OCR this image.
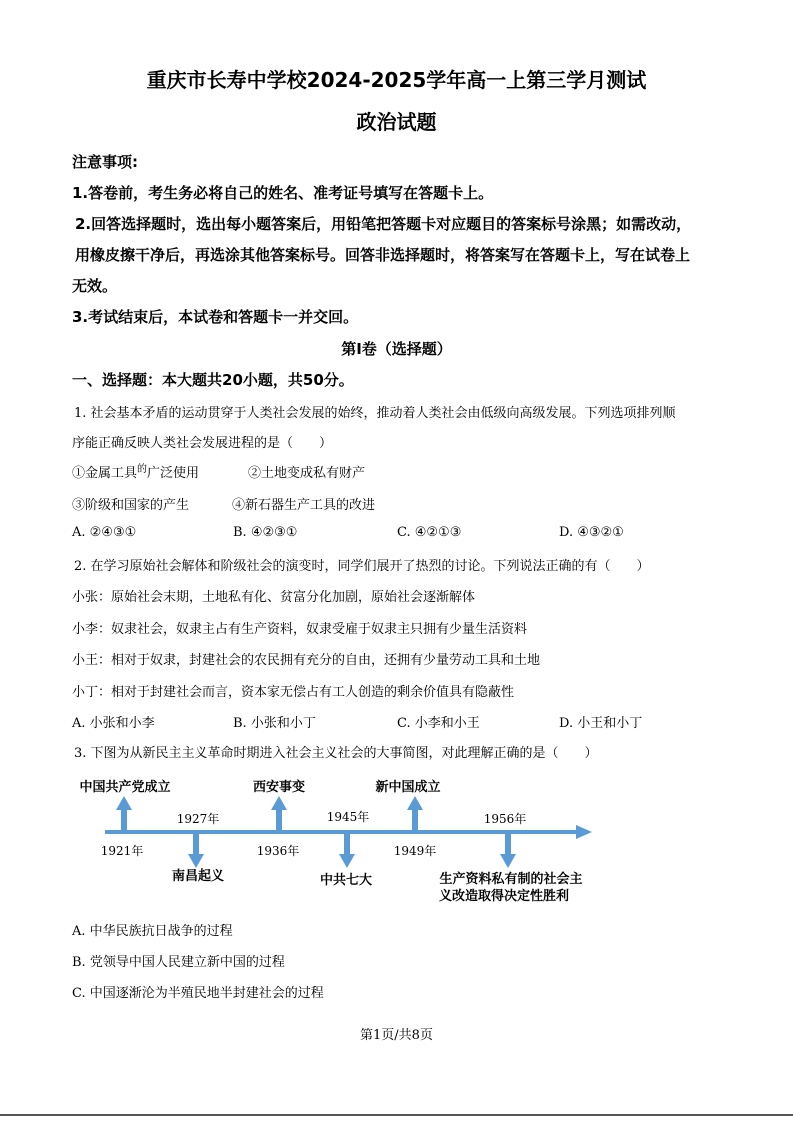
重庆市长寿中学校2024-2025学年高一上第三学月测试
政治试题
注意事项:
1.答卷前，考生务必将自己的姓名、准考证号填写在答题卡上。
2.回答选择题时，选出每小题答案后，用铅笔把答题卡对应题目的答案标号涂黑；如需改动，
用橡皮擦干净后，再选涂其他答案标号。回答非选择题时，将答案写在答题卡上，写在试卷上
无效。
3.考试结束后，本试卷和答题卡一并交回。
第Ⅰ卷（选择题）
一、选择题：本大题共20小题，共50分。
1. 社会基本矛盾的运动贯穿于人类社会发展的始终，推动着人类社会由低级向高级发展。下列选项排列顺
序能正确反映人类社会发展进程的是（　　）
①金属工具$^的$广泛使用	②土地变成私有财产
③阶级和国家的产生	④新石器生产工具的改进
A. ②④③①	B. ④②③①	C. ④②①③	D. ④③②①
2. 在学习原始社会解体和阶级社会的演变时，同学们展开了热烈的讨论。下列说法正确的有（　　）
小张：原始社会末期，土地私有化、贫富分化加剧，原始社会逐渐解体
小李：奴隶社会，奴隶主占有生产资料，奴隶受雇于奴隶主只拥有少量生活资料
小王：相对于奴隶，封建社会的农民拥有充分的自由，还拥有少量劳动工具和土地
小丁：相对于封建社会而言，资本家无偿占有工人创造的剩余价值具有隐蔽性
A. 小张和小李	B. 小张和小丁	C. 小李和小王	D. 小王和小丁
3. 下图为从新民主主义革命时期进入社会主义社会的大事简图，对此理解正确的是（　　）
中国共产党成立	西安事变	新中国成立
1921年	1936年	1949年
1927年	1945年	1956年
南昌起义	中共七大	生产资料私有制的社会主
义改造取得决定性胜利
A. 中华民族抗日战争的过程
B. 党领导中国人民建立新中国的过程
C. 中国逐渐沦为半殖民地半封建社会的过程
第1页/共8页
